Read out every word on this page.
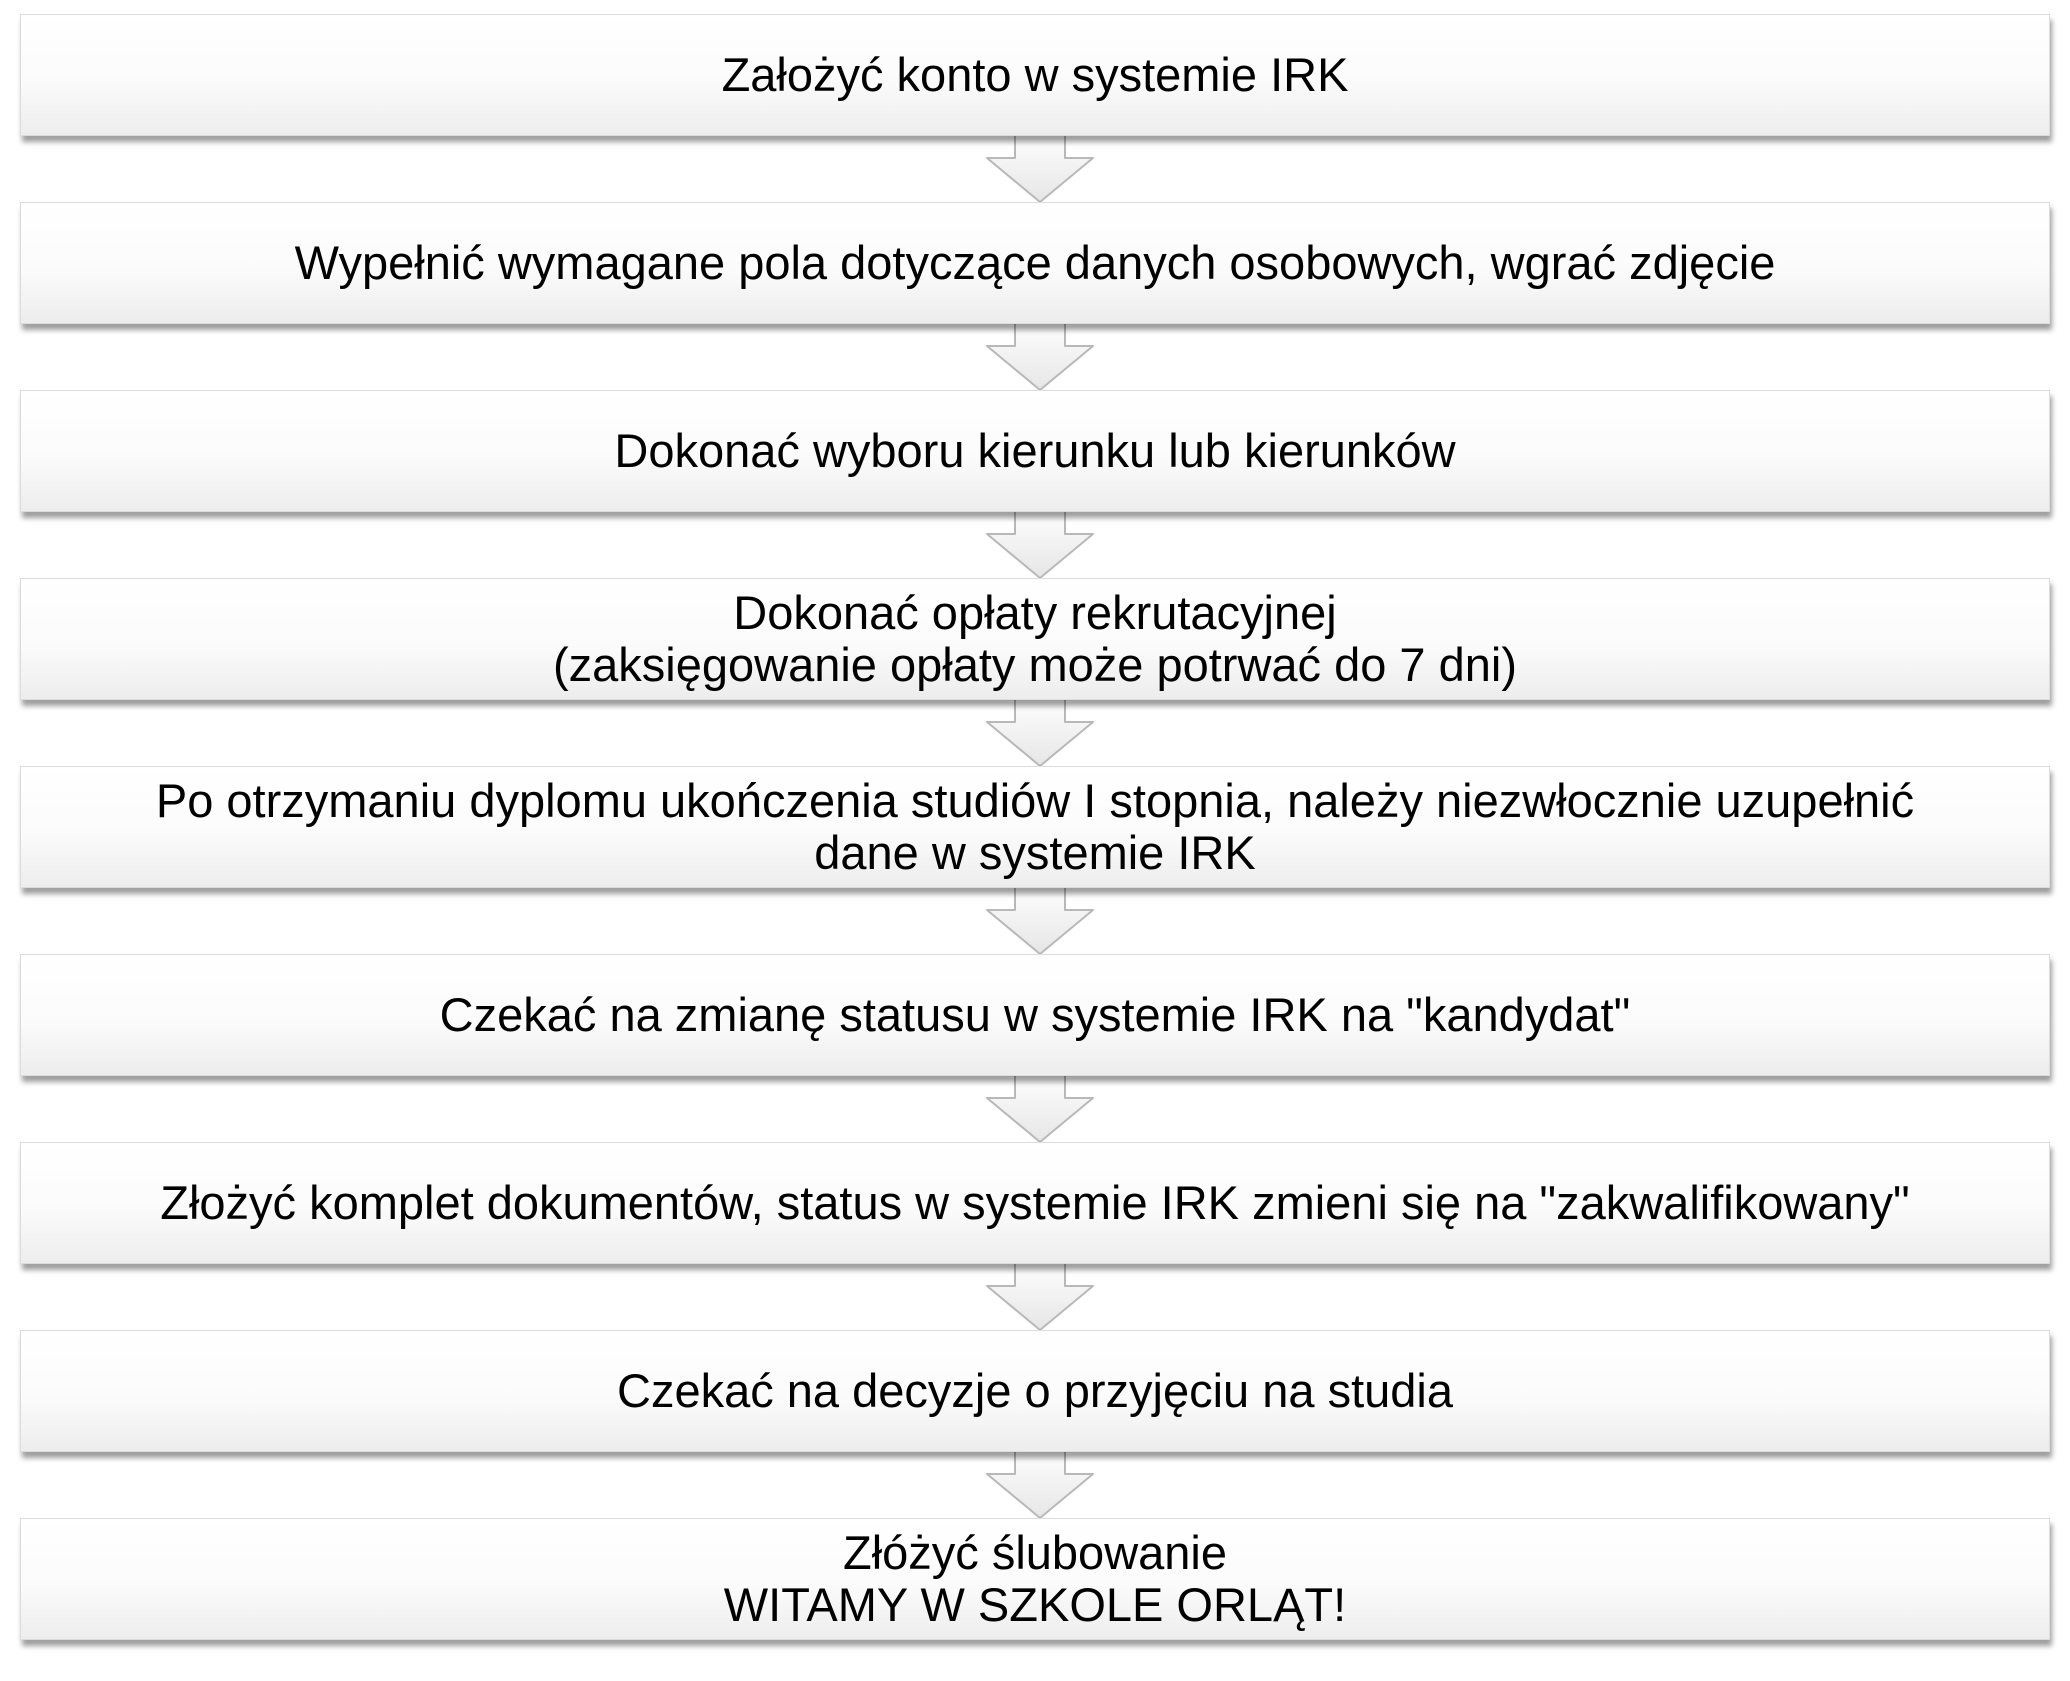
Założyć konto w systemie IRK
Wypełnić wymagane pola dotyczące danych osobowych, wgrać zdjęcie
Dokonać wyboru kierunku lub kierunków
Dokonać opłaty rekrutacyjnej
(zaksięgowanie opłaty może potrwać do 7 dni)
Po otrzymaniu dyplomu ukończenia studiów I stopnia, należy niezwłocznie uzupełnić
dane w systemie IRK
Czekać na zmianę statusu w systemie IRK na "kandydat"
Złożyć komplet dokumentów, status w systemie IRK zmieni się na "zakwalifikowany"
Czekać na decyzje o przyjęciu na studia
Złóżyć ślubowanie
WITAMY W SZKOLE ORLĄT!
